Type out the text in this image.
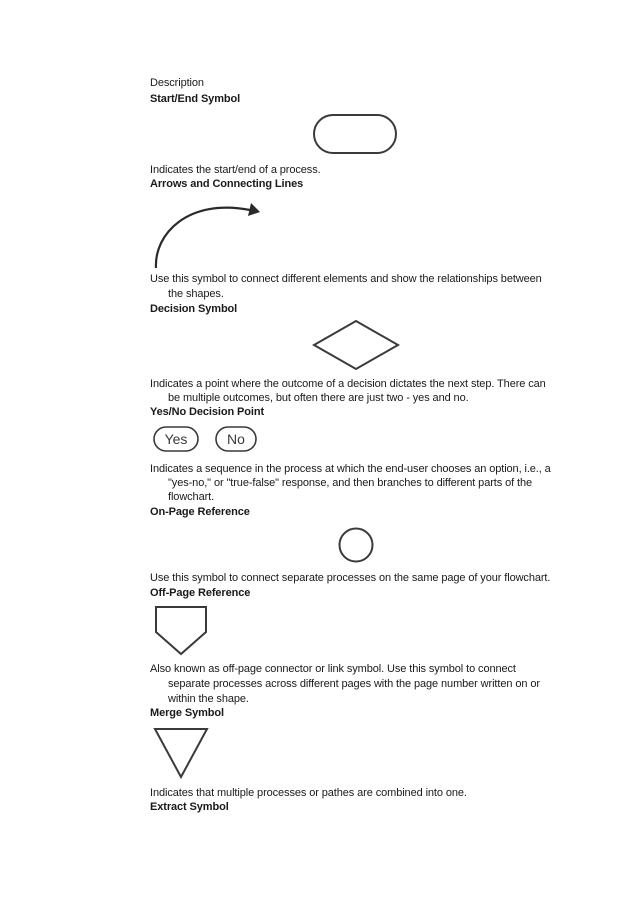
Description
Start/End Symbol
Indicates the start/end of a process.
Arrows and Connecting Lines
Use this symbol to connect different elements and show the relationships between
the shapes.
Decision Symbol
Indicates a point where the outcome of a decision dictates the next step. There can
be multiple outcomes, but often there are just two - yes and no.
Yes/No Decision Point
Yes	No
Indicates a sequence in the process at which the end-user chooses an option, i.e., a
"yes-no," or "true-false" response, and then branches to different parts of the
flowchart.
On-Page Reference
Use this symbol to connect separate processes on the same page of your flowchart.
Off-Page Reference
Also known as off-page connector or link symbol. Use this symbol to connect
separate processes across different pages with the page number written on or
within the shape.
Merge Symbol
Indicates that multiple processes or pathes are combined into one.
Extract Symbol
